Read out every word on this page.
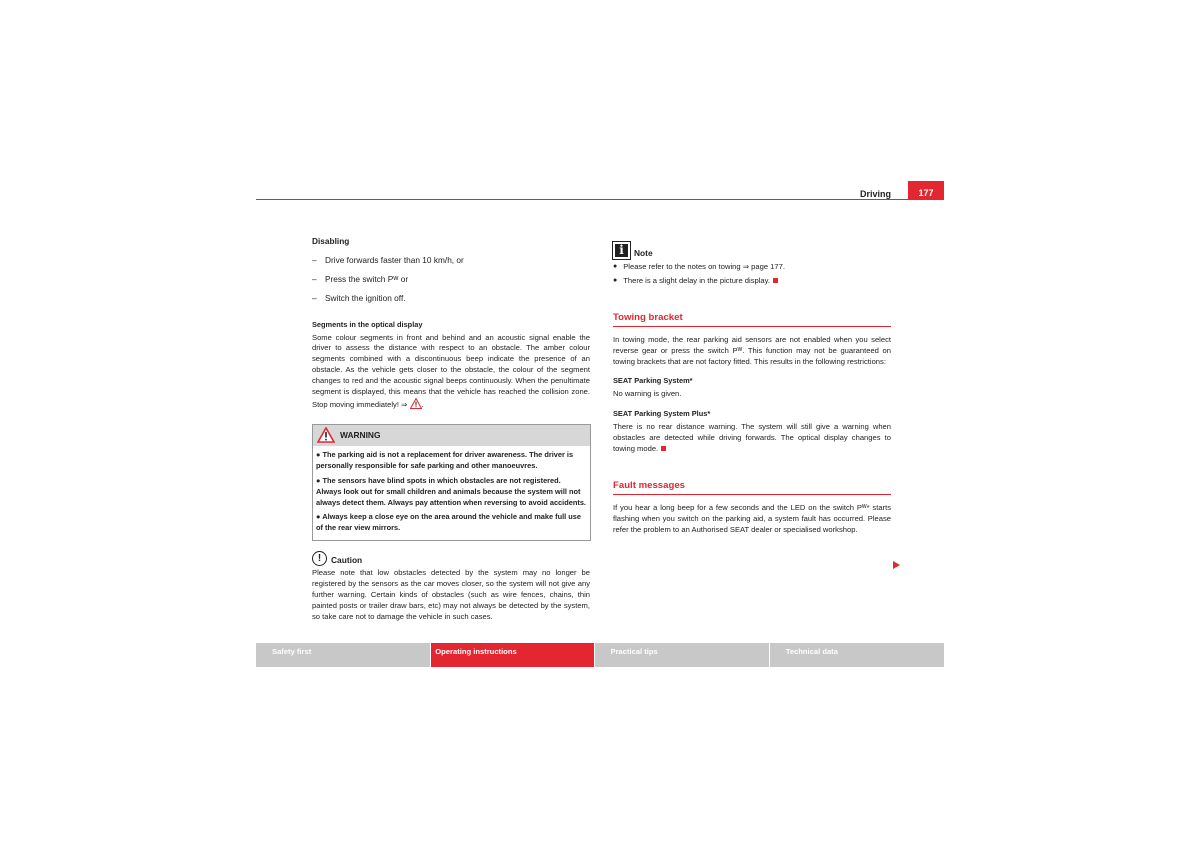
Driving	177
Disabling
– Drive forwards faster than 10 km/h, or
– Press the switch Pᵂ or
– Switch the ignition off.
Segments in the optical display

Some colour segments in front and behind and an acoustic signal enable the driver to assess the distance with respect to an obstacle. The amber colour segments combined with a discontinuous beep indicate the presence of an obstacle. As the vehicle gets closer to the obstacle, the colour of the segment changes to red and the acoustic signal beeps continuously. When the penultimate segment is displayed, this means that the vehicle has reached the collision zone. Stop moving immediately! ⇒ .

WARNING
● The parking aid is not a replacement for driver awareness. The driver is personally responsible for safe parking and other manoeuvres.
● The sensors have blind spots in which obstacles are not registered. Always look out for small children and animals because the system will not always detect them. Always pay attention when reversing to avoid accidents.
● Always keep a close eye on the area around the vehicle and make full use of the rear view mirrors.
!	Caution

Please note that low obstacles detected by the system may no longer be registered by the sensors as the car moves closer, so the system will not give any further warning. Certain kinds of obstacles (such as wire fences, chains, thin painted posts or trailer draw bars, etc) may not always be detected by the system, so take care not to damage the vehicle in such cases.

i	Note
● Please refer to the notes on towing ⇒ page 177.
● There is a slight delay in the picture display.
Towing bracket

In towing mode, the rear parking aid sensors are not enabled when you select reverse gear or press the switch Pᵂ. This function may not be guaranteed on towing brackets that are not factory fitted. This results in the following restrictions:

SEAT Parking System*

No warning is given.

SEAT Parking System Plus*

There is no rear distance warning. The system will still give a warning when obstacles are detected while driving forwards. The optical display changes to towing mode.

Fault messages

If you hear a long beep for a few seconds and the LED on the switch Pᵂ* starts flashing when you switch on the parking aid, a system fault has occurred. Please refer the problem to an Authorised SEAT dealer or specialised workshop.

Safety first	Operating instructions	Practical tips	Technical data
